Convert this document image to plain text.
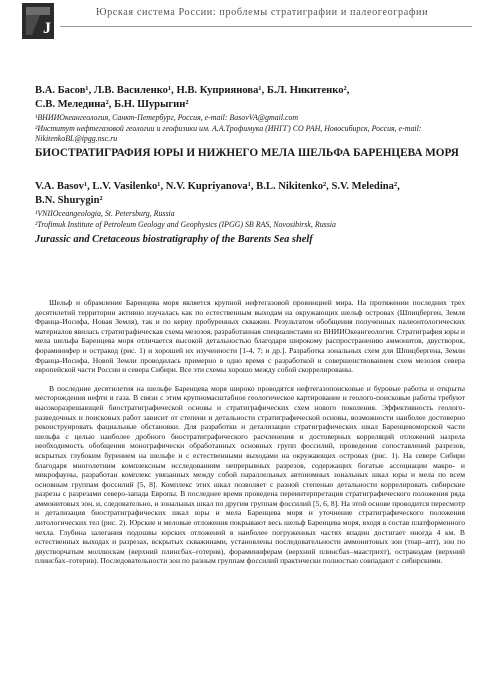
J
Юрская система России: проблемы стратиграфии и палеогеографии

В.А. Басов¹, Л.В. Василенко¹, Н.В. Куприянова¹, Б.Л. Никитенко²,

С.В. Меледина², Б.Н. Шурыгин²

¹ВНИИОкеангеология, Санкт-Петербург, Россия, e-mail: BasovVA@gmail.com

²Институт нефтегазовой геологии и геофизики им. А.А.Трофимука (ИНГГ) СО РАН, Новосибирск, Россия, e-mail: NikitenkoBL@ipgg.nsc.ru

БИОСТРАТИГРАФИЯ ЮРЫ И НИЖНЕГО МЕЛА ШЕЛЬФА БАРЕНЦЕВА МОРЯ

V.A. Basov¹, L.V. Vasilenko¹, N.V. Kupriyanova¹, B.L. Nikitenko², S.V. Meledina²,

B.N. Shurygin²

¹VNIIOceangeologia, St. Petersburg, Russia

²Trofimuk Institute of Petroleum Geology and Geophysics (IPGG) SB RAS, Novosibirsk, Russia

Jurassic and Cretaceous biostratigraphy of the Barents Sea shelf

Шельф и обрамление Баренцева моря является крупной нефтегазовой провинцией мира. На протяжении последних трех десятилетий территории активно изучалась как по естественным выходам на окружающих шельф островах (Шпицберген, Земля Франца-Иосифа, Новая Земля), так и по керну пробуренных скважин. Результатом обобщения полученных палеонтологических материалов явилась стратиграфическая схема мезозоя, разработанная специалистами из ВНИИОкеангеология. Стратиграфия юры и мела шельфа Баренцева моря отличается высокой детальностью благодаря широкому распространению аммонитов, двустворок, фораминифер и остракод (рис. 1) и хорошей их изученности [1-4, 7; и др.]. Разработка зональных схем для Шпицбергена, Земли Франца-Иосифа, Новой Земли проводилась примерно в одно время с разработкой и совершенствованием схем мезозоя севера европейской части России и севера Сибири. Все эти схемы хорошо между собой скоррелированы.

В последние десятилетия на шельфе Баренцева моря широко проводятся нефтегазопоисковые и буровые работы и открыты месторождения нефти и газа. В связи с этим крупномасштабное геологическое картирование и геолого-поисковые работы требуют высокоразрешающей биостратиграфической основы и стратиграфических схем нового поколения. Эффективность геолого-разведочных и поисковых работ зависит от степени и детальности стратиграфической основы, возможности наиболее достоверно реконструировать фациальные обстановки. Для разработки и детализации стратиграфических шкал Баренцевоморской части шельфа с целью наиболее дробного биостратиграфического расчленения и достоверных корреляций отложений назрела необходимость обобщения монографически обработанных основных групп фоссилий, проведения сопоставлений разрезов, вскрытых глубоким бурением на шельфе и с естественными выходами на окружающих островах (рис. 1). На севере Сибири благодаря многолетним комплексным исследованиям непрерывных разрезов, содержащих богатые ассоциации макро- и микрофауны, разработан комплекс увязанных между собой параллельных автономных зональных шкал юры и мела по всем основным группам фоссилий [5, 8]. Комплекс этих шкал позволяет с разной степенью детальности коррелировать сибирские разрезы с разрезами северо-запада Европы. В последнее время проведена переинтерпретация стратиграфического положения ряда аммонитовых зон, и, следовательно, и зональных шкал по другим группам фоссилий [5, 6, 8]. На этой основе проводится пересмотр и детализация биостратиграфических шкал юры и мела Баренцева моря и уточнение стратиграфического положения литологических тел (рис. 2). Юрские и меловые отложения покрывают весь шельф Баренцева моря, входя в состав платформенного чехла. Глубина залегания подошвы юрских отложений в наиболее погруженных частях впадин достигает иногда 4 км. В естественных выходах и разрезах, вскрытых скважинами, установлены последовательности аммонитовых зон (тоар–апт), зон по двустворчатым моллюскам (верхний плинсбах–готерив), фораминиферам (верхний плинсбах–маастрихт), остракодам (верхний плинсбах–готерив). Последовательности зон по разным группам фоссилий практически полностью совпадают с сибирскими.
